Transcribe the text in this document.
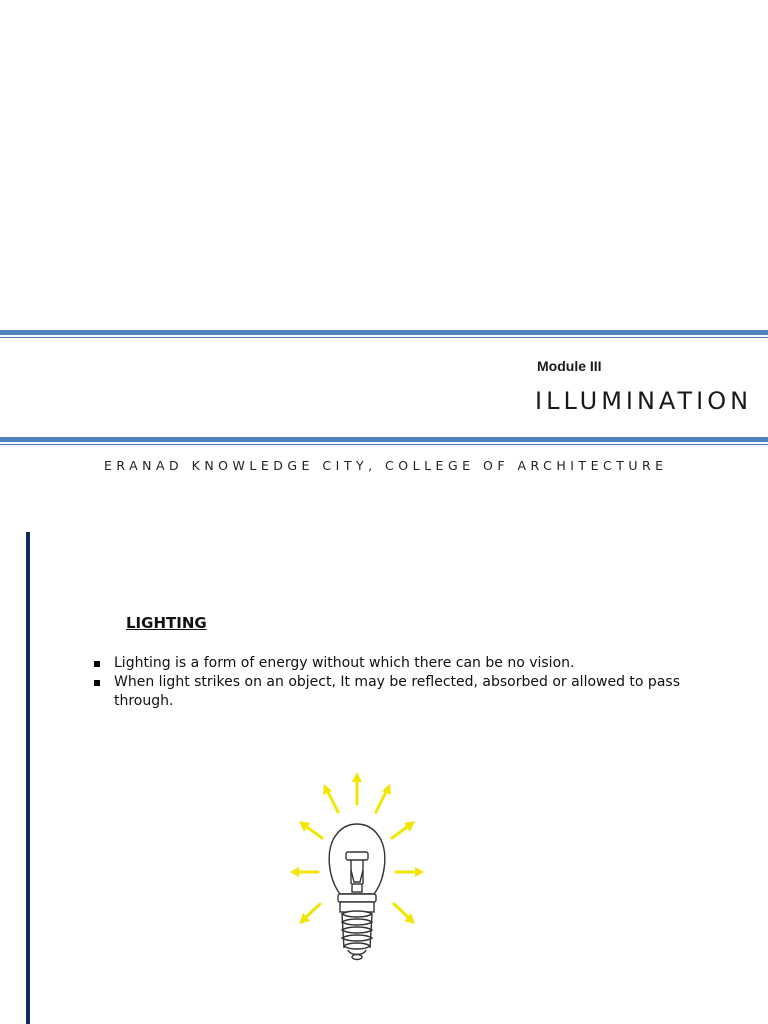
Module III
ILLUMINATION
ERANAD KNOWLEDGE CITY, COLLEGE OF ARCHITECTURE
LIGHTING
Lighting is a form of energy without which there can be no vision.
When light strikes on an object, It may be reflected, absorbed or allowed to pass through.
